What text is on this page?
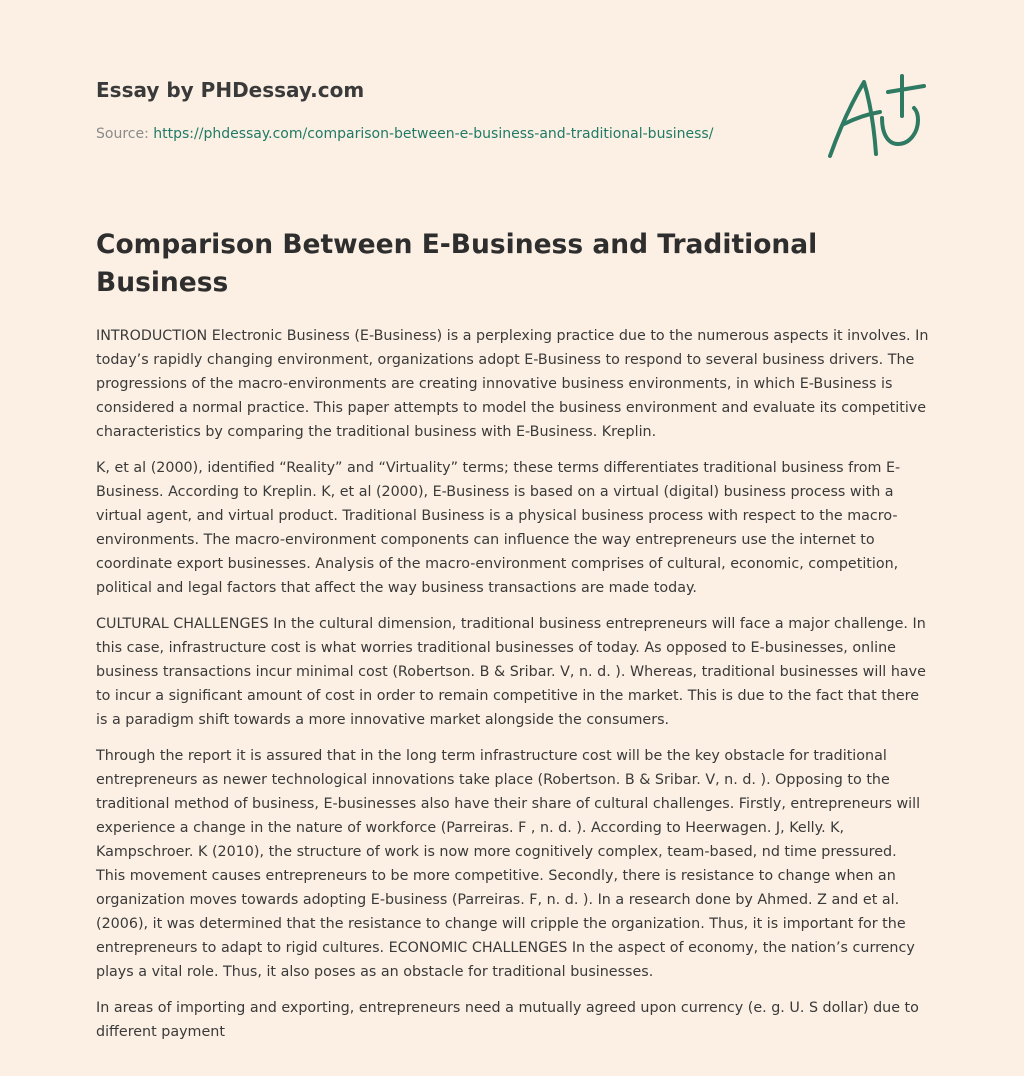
Essay by PHDessay.com
Source: https://phdessay.com/comparison-between-e-business-and-traditional-business/
Comparison Between E-Business and Traditional Business

INTRODUCTION Electronic Business (E-Business) is a perplexing practice due to the numerous aspects it involves. In today’s rapidly changing environment, organizations adopt E-Business to respond to several business drivers. The progressions of the macro-environments are creating innovative business environments, in which E-Business is considered a normal practice. This paper attempts to model the business environment and evaluate its competitive characteristics by comparing the traditional business with E-Business. Kreplin.

K, et al (2000), identified “Reality” and “Virtuality” terms; these terms differentiates traditional business from E-Business. According to Kreplin. K, et al (2000), E-Business is based on a virtual (digital) business process with a virtual agent, and virtual product. Traditional Business is a physical business process with respect to the macro-environments. The macro-environment components can influence the way entrepreneurs use the internet to coordinate export businesses. Analysis of the macro-environment comprises of cultural, economic, competition, political and legal factors that affect the way business transactions are made today.

CULTURAL CHALLENGES In the cultural dimension, traditional business entrepreneurs will face a major challenge. In this case, infrastructure cost is what worries traditional businesses of today. As opposed to E-businesses, online business transactions incur minimal cost (Robertson. B & Sribar. V, n. d. ). Whereas, traditional businesses will have to incur a significant amount of cost in order to remain competitive in the market. This is due to the fact that there is a paradigm shift towards a more innovative market alongside the consumers.

Through the report it is assured that in the long term infrastructure cost will be the key obstacle for traditional entrepreneurs as newer technological innovations take place (Robertson. B & Sribar. V, n. d. ). Opposing to the traditional method of business, E-businesses also have their share of cultural challenges. Firstly, entrepreneurs will experience a change in the nature of workforce (Parreiras. F , n. d. ). According to Heerwagen. J, Kelly. K, Kampschroer. K (2010), the structure of work is now more cognitively complex, team-based, nd time pressured. This movement causes entrepreneurs to be more competitive. Secondly, there is resistance to change when an organization moves towards adopting E-business (Parreiras. F, n. d. ). In a research done by Ahmed. Z and et al. (2006), it was determined that the resistance to change will cripple the organization. Thus, it is important for the entrepreneurs to adapt to rigid cultures. ECONOMIC CHALLENGES In the aspect of economy, the nation’s currency plays a vital role. Thus, it also poses as an obstacle for traditional businesses.

In areas of importing and exporting, entrepreneurs need a mutually agreed upon currency (e. g. U. S dollar) due to different payment
